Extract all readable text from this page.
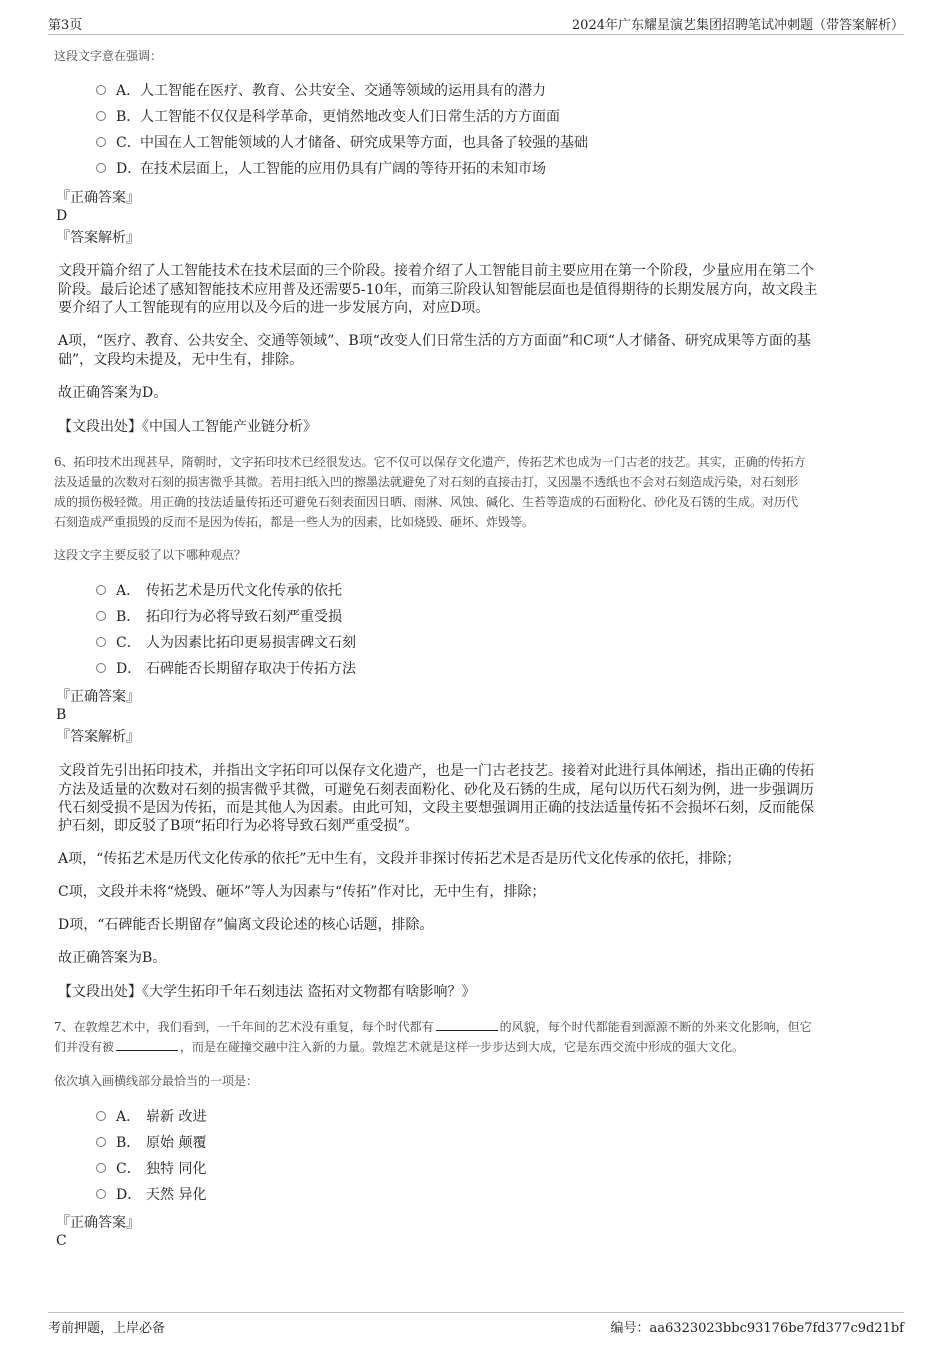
第3页	2024年广东耀星演艺集团招聘笔试冲刺题（带答案解析）
这段文字意在强调：
A．人工智能在医疗、教育、公共安全、交通等领域的运用具有的潜力
B．人工智能不仅仅是科学革命，更悄然地改变人们日常生活的方方面面
C．中国在人工智能领域的人才储备、研究成果等方面，也具备了较强的基础
D．在技术层面上，人工智能的应用仍具有广阔的等待开拓的未知市场
『正确答案』
D
『答案解析』
文段开篇介绍了人工智能技术在技术层面的三个阶段。接着介绍了人工智能目前主要应用在第一个阶段，少量应用在第二个
阶段。最后论述了感知智能技术应用普及还需要5-10年，而第三阶段认知智能层面也是值得期待的长期发展方向，故文段主
要介绍了人工智能现有的应用以及今后的进一步发展方向，对应D项。
A项，“医疗、教育、公共安全、交通等领域”、B项“改变人们日常生活的方方面面”和C项“人才储备、研究成果等方面的基
础”，文段均未提及，无中生有，排除。
故正确答案为D。
【文段出处】《中国人工智能产业链分析》
6、拓印技术出现甚早，隋朝时，文字拓印技术已经很发达。它不仅可以保存文化遗产，传拓艺术也成为一门古老的技艺。其实，正确的传拓方
法及适量的次数对石刻的损害微乎其微。若用扫纸入凹的擦墨法就避免了对石刻的直接击打，又因墨不透纸也不会对石刻造成污染，对石刻形
成的损伤极轻微。用正确的技法适量传拓还可避免石刻表面因日晒、雨淋、风蚀、碱化、生苔等造成的石面粉化、砂化及石锈的生成。对历代
石刻造成严重损毁的反而不是因为传拓，都是一些人为的因素，比如烧毁、砸坏、炸毁等。
这段文字主要反驳了以下哪种观点？
A． 传拓艺术是历代文化传承的依托
B． 拓印行为必将导致石刻严重受损
C． 人为因素比拓印更易损害碑文石刻
D． 石碑能否长期留存取决于传拓方法
『正确答案』
B
『答案解析』
文段首先引出拓印技术，并指出文字拓印可以保存文化遗产，也是一门古老技艺。接着对此进行具体阐述，指出正确的传拓
方法及适量的次数对石刻的损害微乎其微，可避免石刻表面粉化、砂化及石锈的生成，尾句以历代石刻为例，进一步强调历
代石刻受损不是因为传拓，而是其他人为因素。由此可知，文段主要想强调用正确的技法适量传拓不会损坏石刻，反而能保
护石刻，即反驳了B项“拓印行为必将导致石刻严重受损”。
A项，“传拓艺术是历代文化传承的依托”无中生有，文段并非探讨传拓艺术是否是历代文化传承的依托，排除；
C项，文段并未将“烧毁、砸坏”等人为因素与“传拓”作对比，无中生有，排除；
D项，“石碑能否长期留存”偏离文段论述的核心话题，排除。
故正确答案为B。
【文段出处】《大学生拓印千年石刻违法 盗拓对文物都有啥影响？》
7、在敦煌艺术中，我们看到，一千年间的艺术没有重复，每个时代都有	的风貌，每个时代都能看到源源不断的外来文化影响，但它
们并没有被	，而是在碰撞交融中注入新的力量。敦煌艺术就是这样一步步达到大成，它是东西交流中形成的强大文化。
依次填入画横线部分最恰当的一项是：
A． 崭新 改进
B． 原始 颠覆
C． 独特 同化
D． 天然 异化
『正确答案』
C
考前押题，上岸必备	编号：aa6323023bbc93176be7fd377c9d21bf
